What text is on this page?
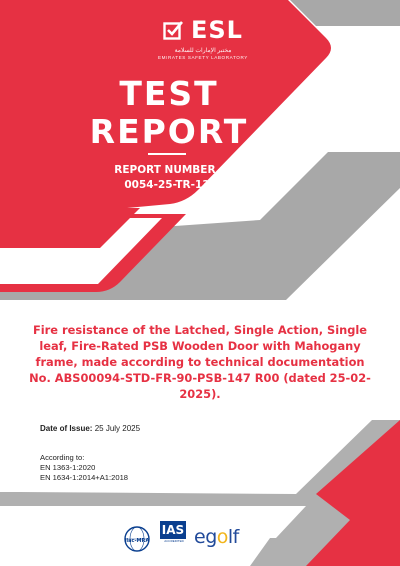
ESL
مختبر الإمارات للسلامة
EMIRATES SAFETY LABORATORY
TEST
REPORT
REPORT NUMBER.
0054-25-TR-13
Fire resistance of the Latched, Single Action, Single leaf, Fire-Rated PSB Wooden Door with Mahogany frame, made according to technical documentation No. ABS00094-STD-FR-90-PSB-147 R00 (dated 25-02-2025).
Date of Issue: 25 July 2025
According to:
EN 1363-1:2020
EN 1634-1:2014+A1:2018
ilac-MRA
IAS
ACCREDITED egolf
